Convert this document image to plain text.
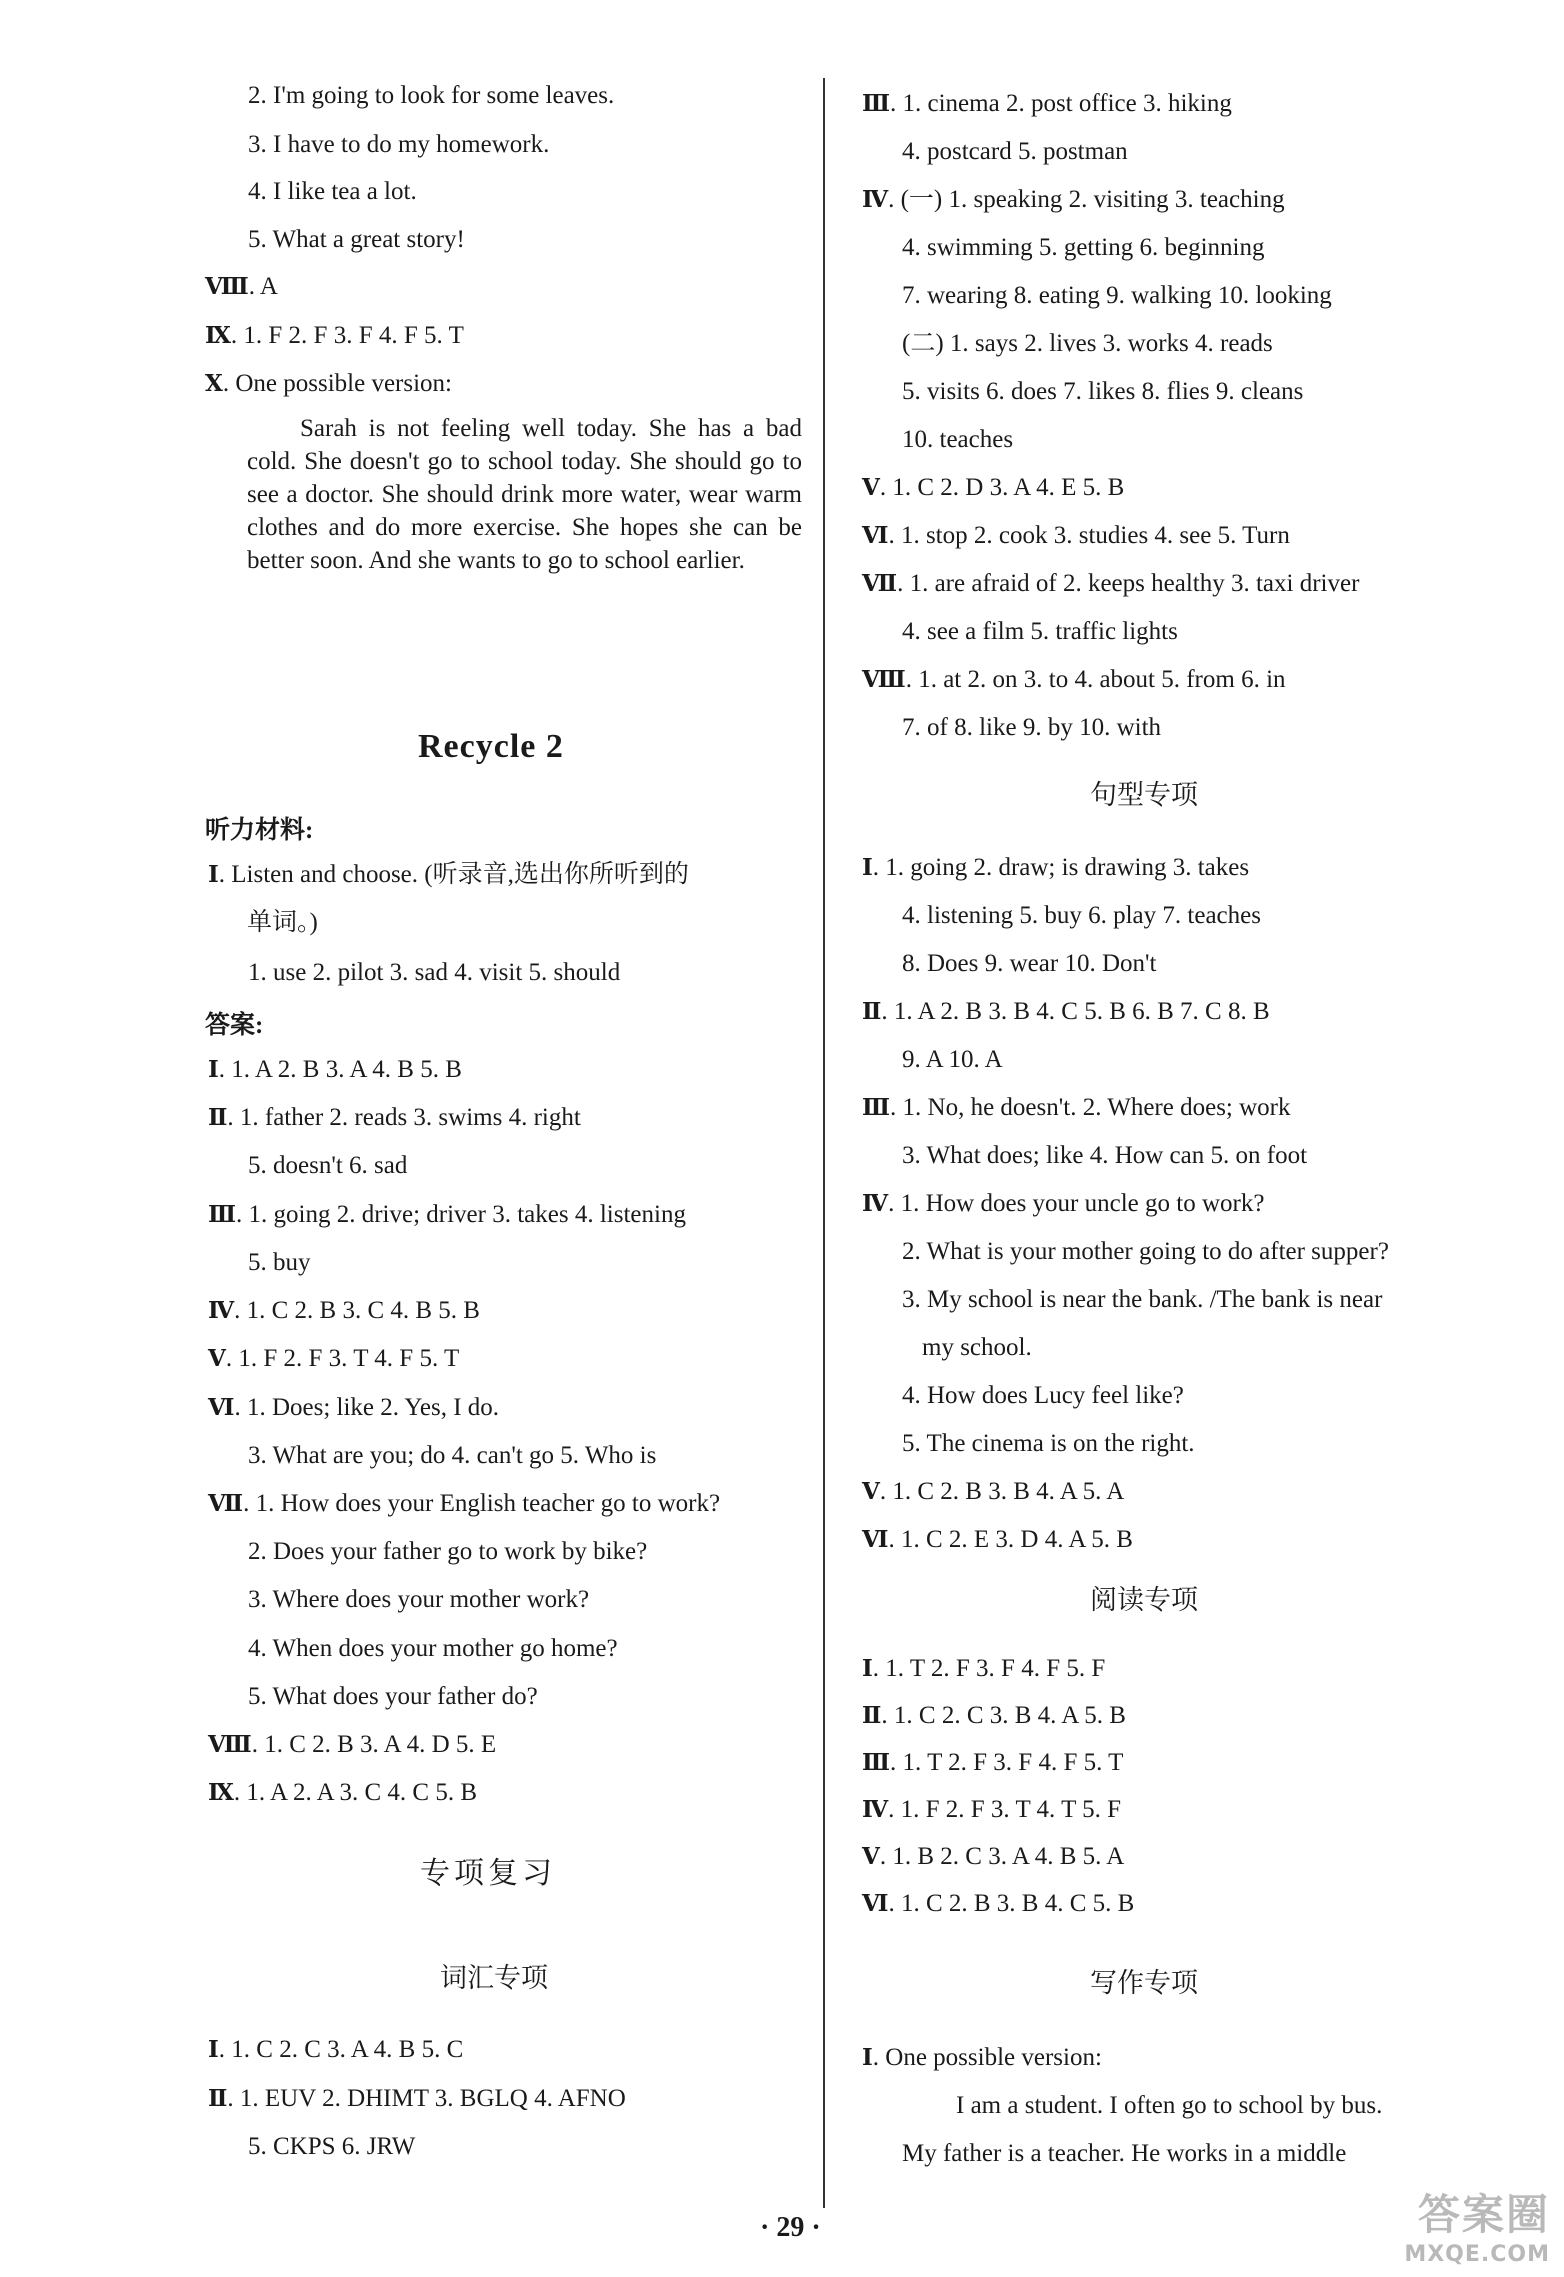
2. I'm going to look for some leaves.
3. I have to do my homework.
4. I like tea a lot.
5. What a great story!
Ⅷ. A
Ⅸ. 1. F 2. F 3. F 4. F 5. T
Ⅹ. One possible version:
Sarah is not feeling well today. She has a bad cold. She doesn't go to school today. She should go to see a doctor. She should drink more water, wear warm clothes and do more exercise. She hopes she can be better soon. And she wants to go to school earlier.
Recycle 2
听力材料:
Ⅰ. Listen and choose. (听录音,选出你所听到的
单词。)
1. use 2. pilot 3. sad 4. visit 5. should
答案:
Ⅰ. 1. A 2. B 3. A 4. B 5. B
Ⅱ. 1. father 2. reads 3. swims 4. right
5. doesn't 6. sad
Ⅲ. 1. going 2. drive; driver 3. takes 4. listening
5. buy
Ⅳ. 1. C 2. B 3. C 4. B 5. B
Ⅴ. 1. F 2. F 3. T 4. F 5. T
Ⅵ. 1. Does; like 2. Yes, I do.
3. What are you; do 4. can't go 5. Who is
Ⅶ. 1. How does your English teacher go to work?
2. Does your father go to work by bike?
3. Where does your mother work?
4. When does your mother go home?
5. What does your father do?
Ⅷ. 1. C 2. B 3. A 4. D 5. E
Ⅸ. 1. A 2. A 3. C 4. C 5. B
专项复习
词汇专项
Ⅰ. 1. C 2. C 3. A 4. B 5. C
Ⅱ. 1. EUV 2. DHIMT 3. BGLQ 4. AFNO
5. CKPS 6. JRW
Ⅲ. 1. cinema 2. post office 3. hiking
4. postcard 5. postman
Ⅳ. (一) 1. speaking 2. visiting 3. teaching
4. swimming 5. getting 6. beginning
7. wearing 8. eating 9. walking 10. looking
(二) 1. says 2. lives 3. works 4. reads
5. visits 6. does 7. likes 8. flies 9. cleans
10. teaches
Ⅴ. 1. C 2. D 3. A 4. E 5. B
Ⅵ. 1. stop 2. cook 3. studies 4. see 5. Turn
Ⅶ. 1. are afraid of 2. keeps healthy 3. taxi driver
4. see a film 5. traffic lights
Ⅷ. 1. at 2. on 3. to 4. about 5. from 6. in
7. of 8. like 9. by 10. with
句型专项
Ⅰ. 1. going 2. draw; is drawing 3. takes
4. listening 5. buy 6. play 7. teaches
8. Does 9. wear 10. Don't
Ⅱ. 1. A 2. B 3. B 4. C 5. B 6. B 7. C 8. B
9. A 10. A
Ⅲ. 1. No, he doesn't. 2. Where does; work
3. What does; like 4. How can 5. on foot
Ⅳ. 1. How does your uncle go to work?
2. What is your mother going to do after supper?
3. My school is near the bank. /The bank is near
my school.
4. How does Lucy feel like?
5. The cinema is on the right.
Ⅴ. 1. C 2. B 3. B 4. A 5. A
Ⅵ. 1. C 2. E 3. D 4. A 5. B
阅读专项
Ⅰ. 1. T 2. F 3. F 4. F 5. F
Ⅱ. 1. C 2. C 3. B 4. A 5. B
Ⅲ. 1. T 2. F 3. F 4. F 5. T
Ⅳ. 1. F 2. F 3. T 4. T 5. F
Ⅴ. 1. B 2. C 3. A 4. B 5. A
Ⅵ. 1. C 2. B 3. B 4. C 5. B
写作专项
Ⅰ. One possible version:
I am a student. I often go to school by bus.
My father is a teacher. He works in a middle
· 29 ·	答案圈
MXQE.COM
